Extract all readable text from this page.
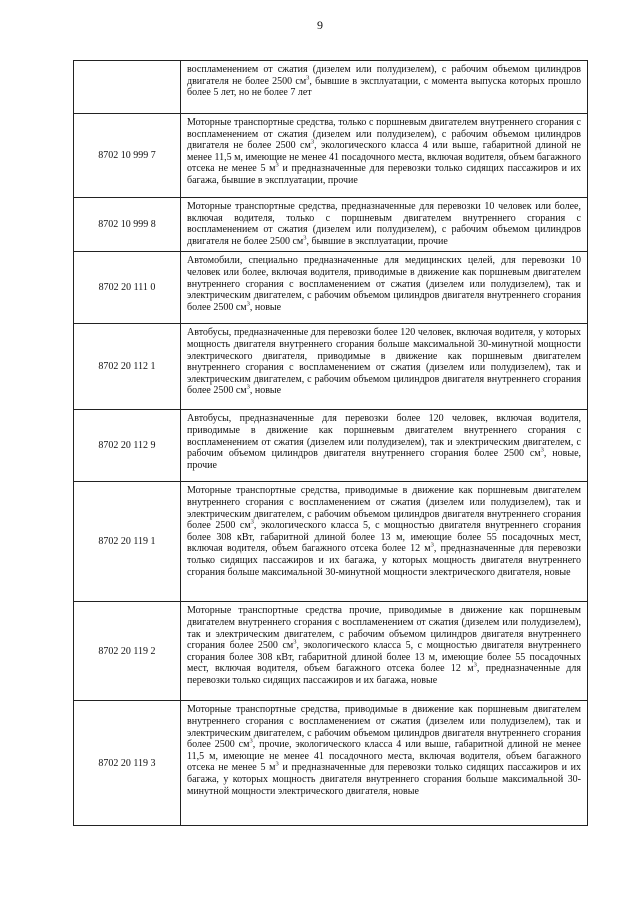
9
	воспламенением от сжатия (дизелем или полудизелем), с рабочим объемом цилиндров двигателя не более 2500 $см^3$, бывшие в эксплуатации, с момента выпуска которых прошло более 5 лет, но не более 7 лет
8702 10 999 7	Моторные транспортные средства, только с поршневым двигателем внутреннего сгорания с воспламенением от сжатия (дизелем или полудизелем), с рабочим объемом цилиндров двигателя не более 2500 $см^3$, экологического класса 4 или выше, габаритной длиной не менее 11,5 м, имеющие не менее 41 посадочного места, включая водителя, объем багажного отсека не менее 5 $м^3$ и предназначенные для перевозки только сидящих пассажиров и их багажа, бывшие в эксплуатации, прочие
8702 10 999 8	Моторные транспортные средства, предназначенные для перевозки 10 человек или более, включая водителя, только с поршневым двигателем внутреннего сгорания с воспламенением от сжатия (дизелем или полудизелем), с рабочим объемом цилиндров двигателя не более 2500 $см^3$, бывшие в эксплуатации, прочие
8702 20 111 0	Автомобили, специально предназначенные для медицинских целей, для перевозки 10 человек или более, включая водителя, приводимые в движение как поршневым двигателем внутреннего сгорания с воспламенением от сжатия (дизелем или полудизелем), так и электрическим двигателем, с рабочим объемом цилиндров двигателя внутреннего сгорания более 2500 $см^3$, новые
8702 20 112 1	Автобусы, предназначенные для перевозки более 120 человек, включая водителя, у которых мощность двигателя внутреннего сгорания больше максимальной 30-минутной мощности электрического двигателя, приводимые в движение как поршневым двигателем внутреннего сгорания с воспламенением от сжатия (дизелем или полудизелем), так и электрическим двигателем, с рабочим объемом цилиндров двигателя внутреннего сгорания более 2500 $см^3$, новые
8702 20 112 9	Автобусы, предназначенные для перевозки более 120 человек, включая водителя, приводимые в движение как поршневым двигателем внутреннего сгорания с воспламенением от сжатия (дизелем или полудизелем), так и электрическим двигателем, с рабочим объемом цилиндров двигателя внутреннего сгорания более 2500 $см^3$, новые, прочие
8702 20 119 1	Моторные транспортные средства, приводимые в движение как поршневым двигателем внутреннего сгорания с воспламенением от сжатия (дизелем или полудизелем), так и электрическим двигателем, с рабочим объемом цилиндров двигателя внутреннего сгорания более 2500 $см^3$, экологического класса 5, с мощностью двигателя внутреннего сгорания более 308 кВт, габаритной длиной более 13 м, имеющие более 55 посадочных мест, включая водителя, объем багажного отсека более 12 $м^3$, предназначенные для перевозки только сидящих пассажиров и их багажа, у которых мощность двигателя внутреннего сгорания больше максимальной 30-минутной мощности электрического двигателя, новые
8702 20 119 2	Моторные транспортные средства прочие, приводимые в движение как поршневым двигателем внутреннего сгорания с воспламенением от сжатия (дизелем или полудизелем), так и электрическим двигателем, с рабочим объемом цилиндров двигателя внутреннего сгорания более 2500 $см^3$, экологического класса 5, с мощностью двигателя внутреннего сгорания более 308 кВт, габаритной длиной более 13 м, имеющие более 55 посадочных мест, включая водителя, объем багажного отсека более 12 $м^3$, предназначенные для перевозки только сидящих пассажиров и их багажа, новые
8702 20 119 3	Моторные транспортные средства, приводимые в движение как поршневым двигателем внутреннего сгорания с воспламенением от сжатия (дизелем или полудизелем), так и электрическим двигателем, с рабочим объемом цилиндров двигателя внутреннего сгорания более 2500 $см^3$, прочие, экологического класса 4 или выше, габаритной длиной не менее 11,5 м, имеющие не менее 41 посадочного места, включая водителя, объем багажного отсека не менее 5 $м^3$ и предназначенные для перевозки только сидящих пассажиров и их багажа, у которых мощность двигателя внутреннего сгорания больше максимальной 30-минутной мощности электрического двигателя, новые
